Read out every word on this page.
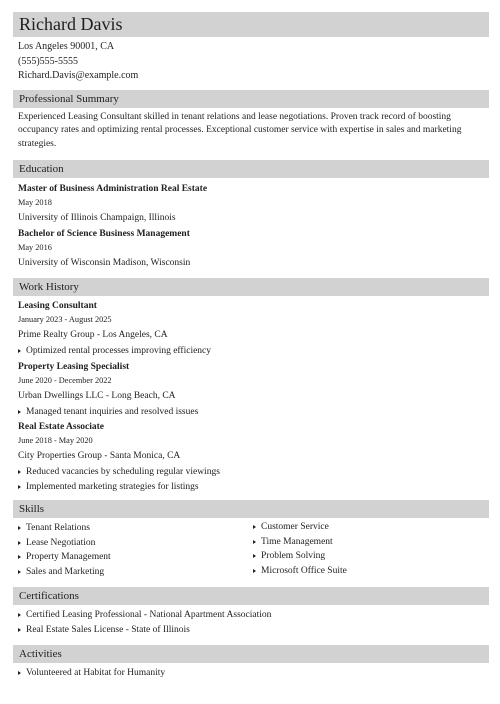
Richard Davis
Los Angeles 90001, CA
(555)555-5555
Richard.Davis@example.com
Professional Summary
Experienced Leasing Consultant skilled in tenant relations and lease negotiations. Proven track record of boosting occupancy rates and optimizing rental processes. Exceptional customer service with expertise in sales and marketing strategies.
Education
Master of Business Administration Real Estate
May 2018
University of Illinois Champaign, Illinois
Bachelor of Science Business Management
May 2016
University of Wisconsin Madison, Wisconsin
Work History
Leasing Consultant
January 2023 - August 2025
Prime Realty Group - Los Angeles, CA
Optimized rental processes improving efficiency
Property Leasing Specialist
June 2020 - December 2022
Urban Dwellings LLC - Long Beach, CA
Managed tenant inquiries and resolved issues
Real Estate Associate
June 2018 - May 2020
City Properties Group - Santa Monica, CA
Reduced vacancies by scheduling regular viewings
Implemented marketing strategies for listings
Skills
Tenant Relations
Lease Negotiation
Property Management
Sales and Marketing
Customer Service
Time Management
Problem Solving
Microsoft Office Suite
Certifications
Certified Leasing Professional - National Apartment Association
Real Estate Sales License - State of Illinois
Activities
Volunteered at Habitat for Humanity
